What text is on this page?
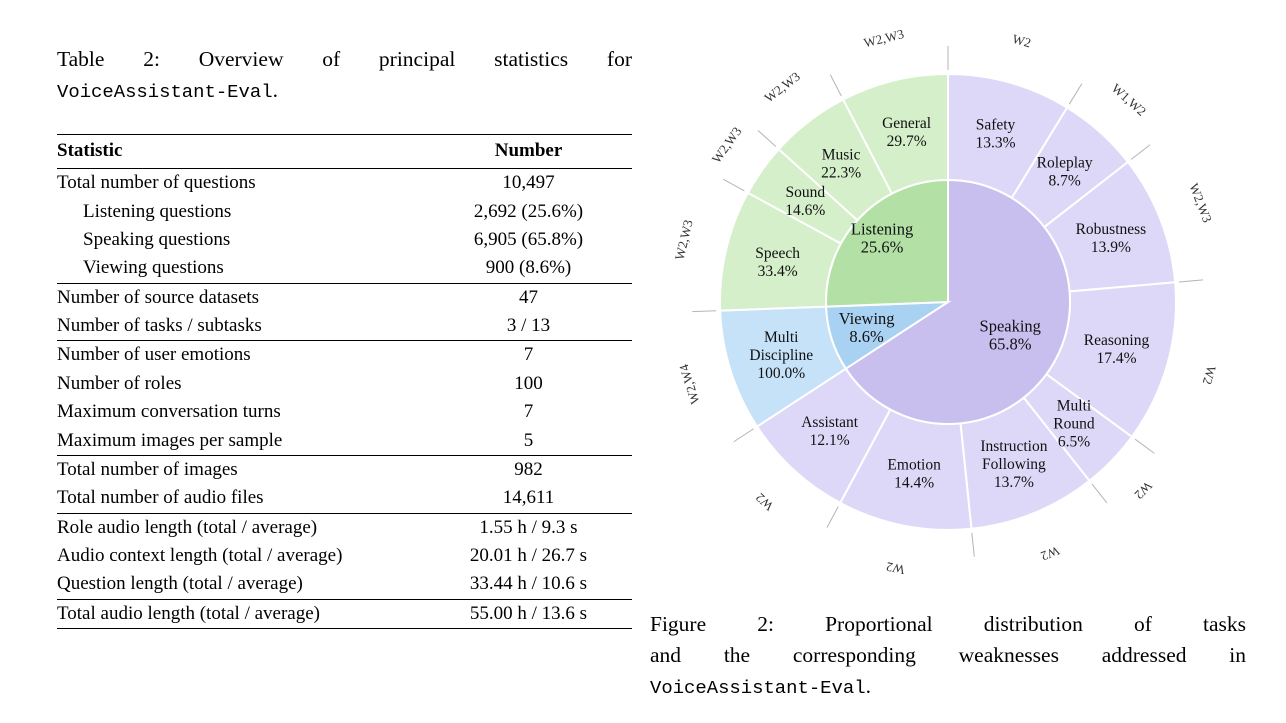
Table 2: Overview of principal statistics for
VoiceAssistant-Eval.

Statistic	Number
Total number of questions	10,497
Listening questions	2,692 (25.6%)
Speaking questions	6,905 (65.8%)
Viewing questions	900 (8.6%)
Number of source datasets	47
Number of tasks / subtasks	3 / 13
Number of user emotions	7
Number of roles	100
Maximum conversation turns	7
Maximum images per sample	5
Total number of images	982
Total number of audio files	14,611
Role audio length (total / average)	1.55 h / 9.3 s
Audio context length (total / average)	20.01 h / 26.7 s
Question length (total / average)	33.44 h / 10.6 s
Total audio length (total / average)	55.00 h / 13.6 s
Speaking 65.8%
Viewing 8.6%
Listening 25.6%
Safety 13.3%
W2
Roleplay 8.7%
W1,W2
Robustness 13.9%
W2,W3
Reasoning 17.4%
W2
Multi Round 6.5%
W2
Instruction Following 13.7%
W2
Emotion 14.4%
W2
Assistant 12.1%
W2
Multi Discipline 100.0%
W2,W4
Speech 33.4%
W2,W3
Sound 14.6%
W2,W3	Music 22.3%
W2,W3
General 29.7%
W2,W3

Figure 2: Proportional distribution of tasks
and the corresponding weaknesses addressed in
VoiceAssistant-Eval.
